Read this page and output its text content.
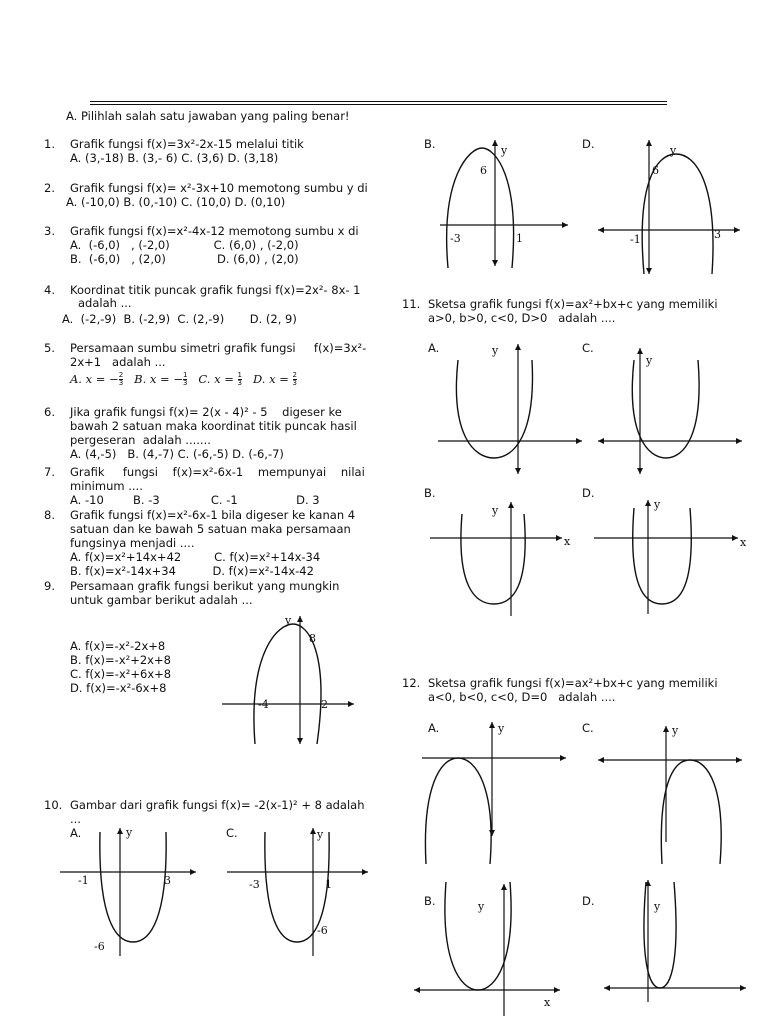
A. Pilihlah salah satu jawaban yang paling benar!
1. Grafik fungsi f(x)=3x²-2x-15 melalui titik
A. (3,-18) B. (3,- 6) C. (3,6) D. (3,18)
2. Grafik fungsi f(x)= x²-3x+10 memotong sumbu y di
A. (-10,0) B. (0,-10) C. (10,0) D. (0,10)
3. Grafik fungsi f(x)=x²-4x-12 memotong sumbu x di
A.  (-6,0)   , (-2,0)            C. (6,0) , (-2,0)
B.  (-6,0)   , (2,0)              D. (6,0) , (2,0)
4. Koordinat titik puncak grafik fungsi f(x)=2x²- 8x- 1
adalah ...
A.  (-2,-9)  B. (-2,9)  C. (2,-9)       D. (2, 9)
5. Persamaan sumbu simetri grafik fungsi     f(x)=3x²-
2x+1   adalah ...
A. x = − $\frac{2}{3} B$. x = − $\frac{1}{3} C$. $x = \frac{1}{3} D$. $x = \frac{2}{3}$
6. Jika grafik fungsi f(x)= 2(x - 4)² - 5    digeser ke
bawah 2 satuan maka koordinat titik puncak hasil
pergeseran  adalah .......
A. (4,-5)   B. (4,-7) C. (-6,-5) D. (-6,-7)
7. Grafik     fungsi    f(x)=x²-6x-1    mempunyai    nilai
minimum ....
A. -10        B. -3              C. -1                D. 3
8. Grafik fungsi f(x)=x²-6x-1 bila digeser ke kanan 4
satuan dan ke bawah 5 satuan maka persamaan
fungsinya menjadi ....
A. f(x)=x²+14x+42         C. f(x)=x²+14x-34
B. f(x)=x²-14x+34          D. f(x)=x²-14x-42
9. Persamaan grafik fungsi berikut yang mungkin
untuk gambar berikut adalah ...
A. f(x)=-x²-2x+8
B. f(x)=-x²+2x+8
C. f(x)=-x²+6x+8
D. f(x)=-x²-6x+8
y
8
-4	2
10. Gambar dari grafik fungsi f(x)= -2(x-1)² + 8 adalah
...
A.	y
-1	3
-6
C.	y
-3	1
-6
B.	y
6
-3	1
D.	y
6
-1	3
11. Sketsa grafik fungsi f(x)=ax²+bx+c yang memiliki
a>0, b>0, c<0, D>0   adalah ....
A.	y	C.
y
B.
y
x
D.
y
x
12. Sketsa grafik fungsi f(x)=ax²+bx+c yang memiliki
a<0, b<0, c<0, D=0   adalah ....
A.	y	C.	y
B.	y
x
D.	y
